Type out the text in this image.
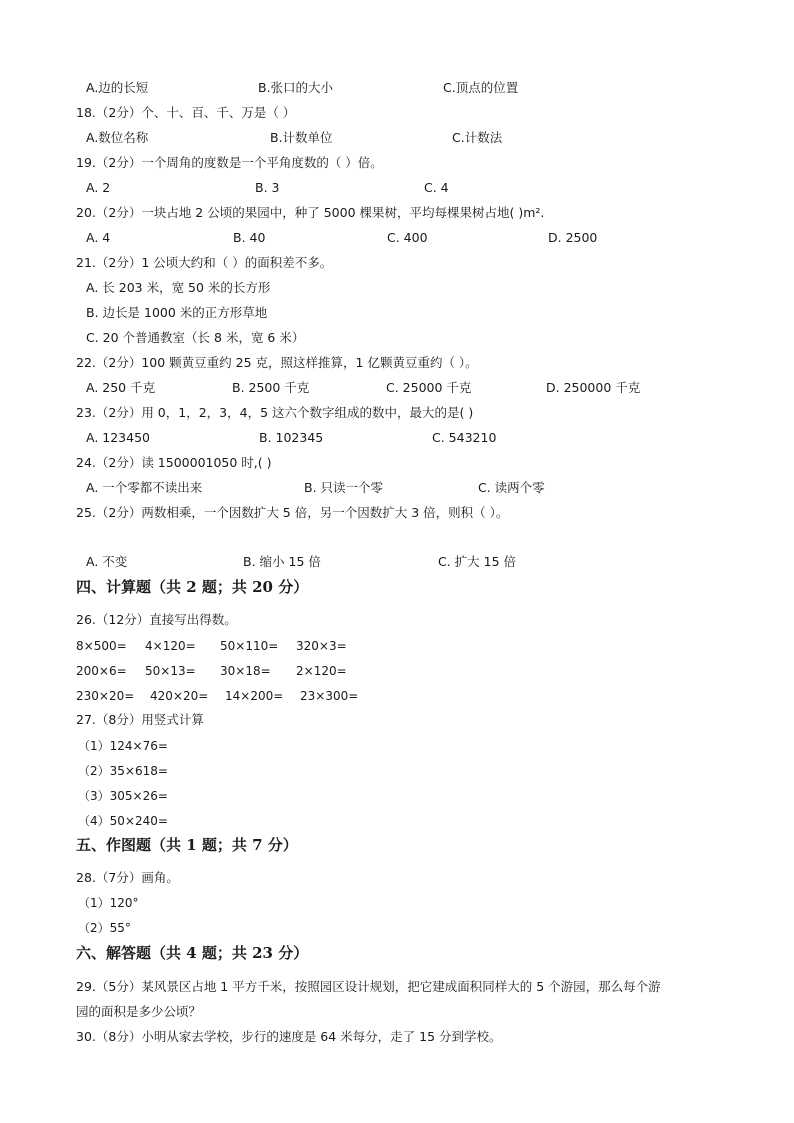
A.边的长短	B.张口的大小	C.顶点的位置
18.（2分）个、十、百、千、万是（ ）
A.数位名称	B.计数单位	C.计数法
19.（2分）一个周角的度数是一个平角度数的（ ）倍。
A. 2	B. 3	C. 4
20.（2分）一块占地 2 公顷的果园中，种了 5000 棵果树，平均每棵果树占地( )m².
A. 4	B. 40	C. 400	D. 2500
21.（2分）1 公顷大约和（ ）的面积差不多。
A. 长 203 米，宽 50 米的长方形
B. 边长是 1000 米的正方形草地
C. 20 个普通教室（长 8 米，宽 6 米）
22.（2分）100 颗黄豆重约 25 克，照这样推算，1 亿颗黄豆重约（ ）。
A. 250 千克	B. 2500 千克	C. 25000 千克	D. 250000 千克
23.（2分）用 0，1，2，3，4，5 这六个数字组成的数中，最大的是( )
A. 123450	B. 102345	C. 543210
24.（2分）读 1500001050 时,( )
A. 一个零都不读出来	B. 只读一个零	C. 读两个零
25.（2分）两数相乘，一个因数扩大 5 倍，另一个因数扩大 3 倍，则积（ ）。
A. 不变	B. 缩小 15 倍	C. 扩大 15 倍
四、计算题（共 2 题；共 20 分）
26.（12分）直接写出得数。
8×500= 4×120= 50×110= 320×3=
200×6= 50×13= 30×18= 2×120=
230×20= 420×20= 14×200= 23×300=
27.（8分）用竖式计算
（1）124×76=
（2）35×618=
（3）305×26=
（4）50×240=
五、作图题（共 1 题；共 7 分）
28.（7分）画角。
（1）120°
（2）55°
六、解答题（共 4 题；共 23 分）
29.（5分）某风景区占地 1 平方千米，按照园区设计规划，把它建成面积同样大的 5 个游园，那么每个游
园的面积是多少公顷？
30.（8分）小明从家去学校，步行的速度是 64 米每分，走了 15 分到学校。
